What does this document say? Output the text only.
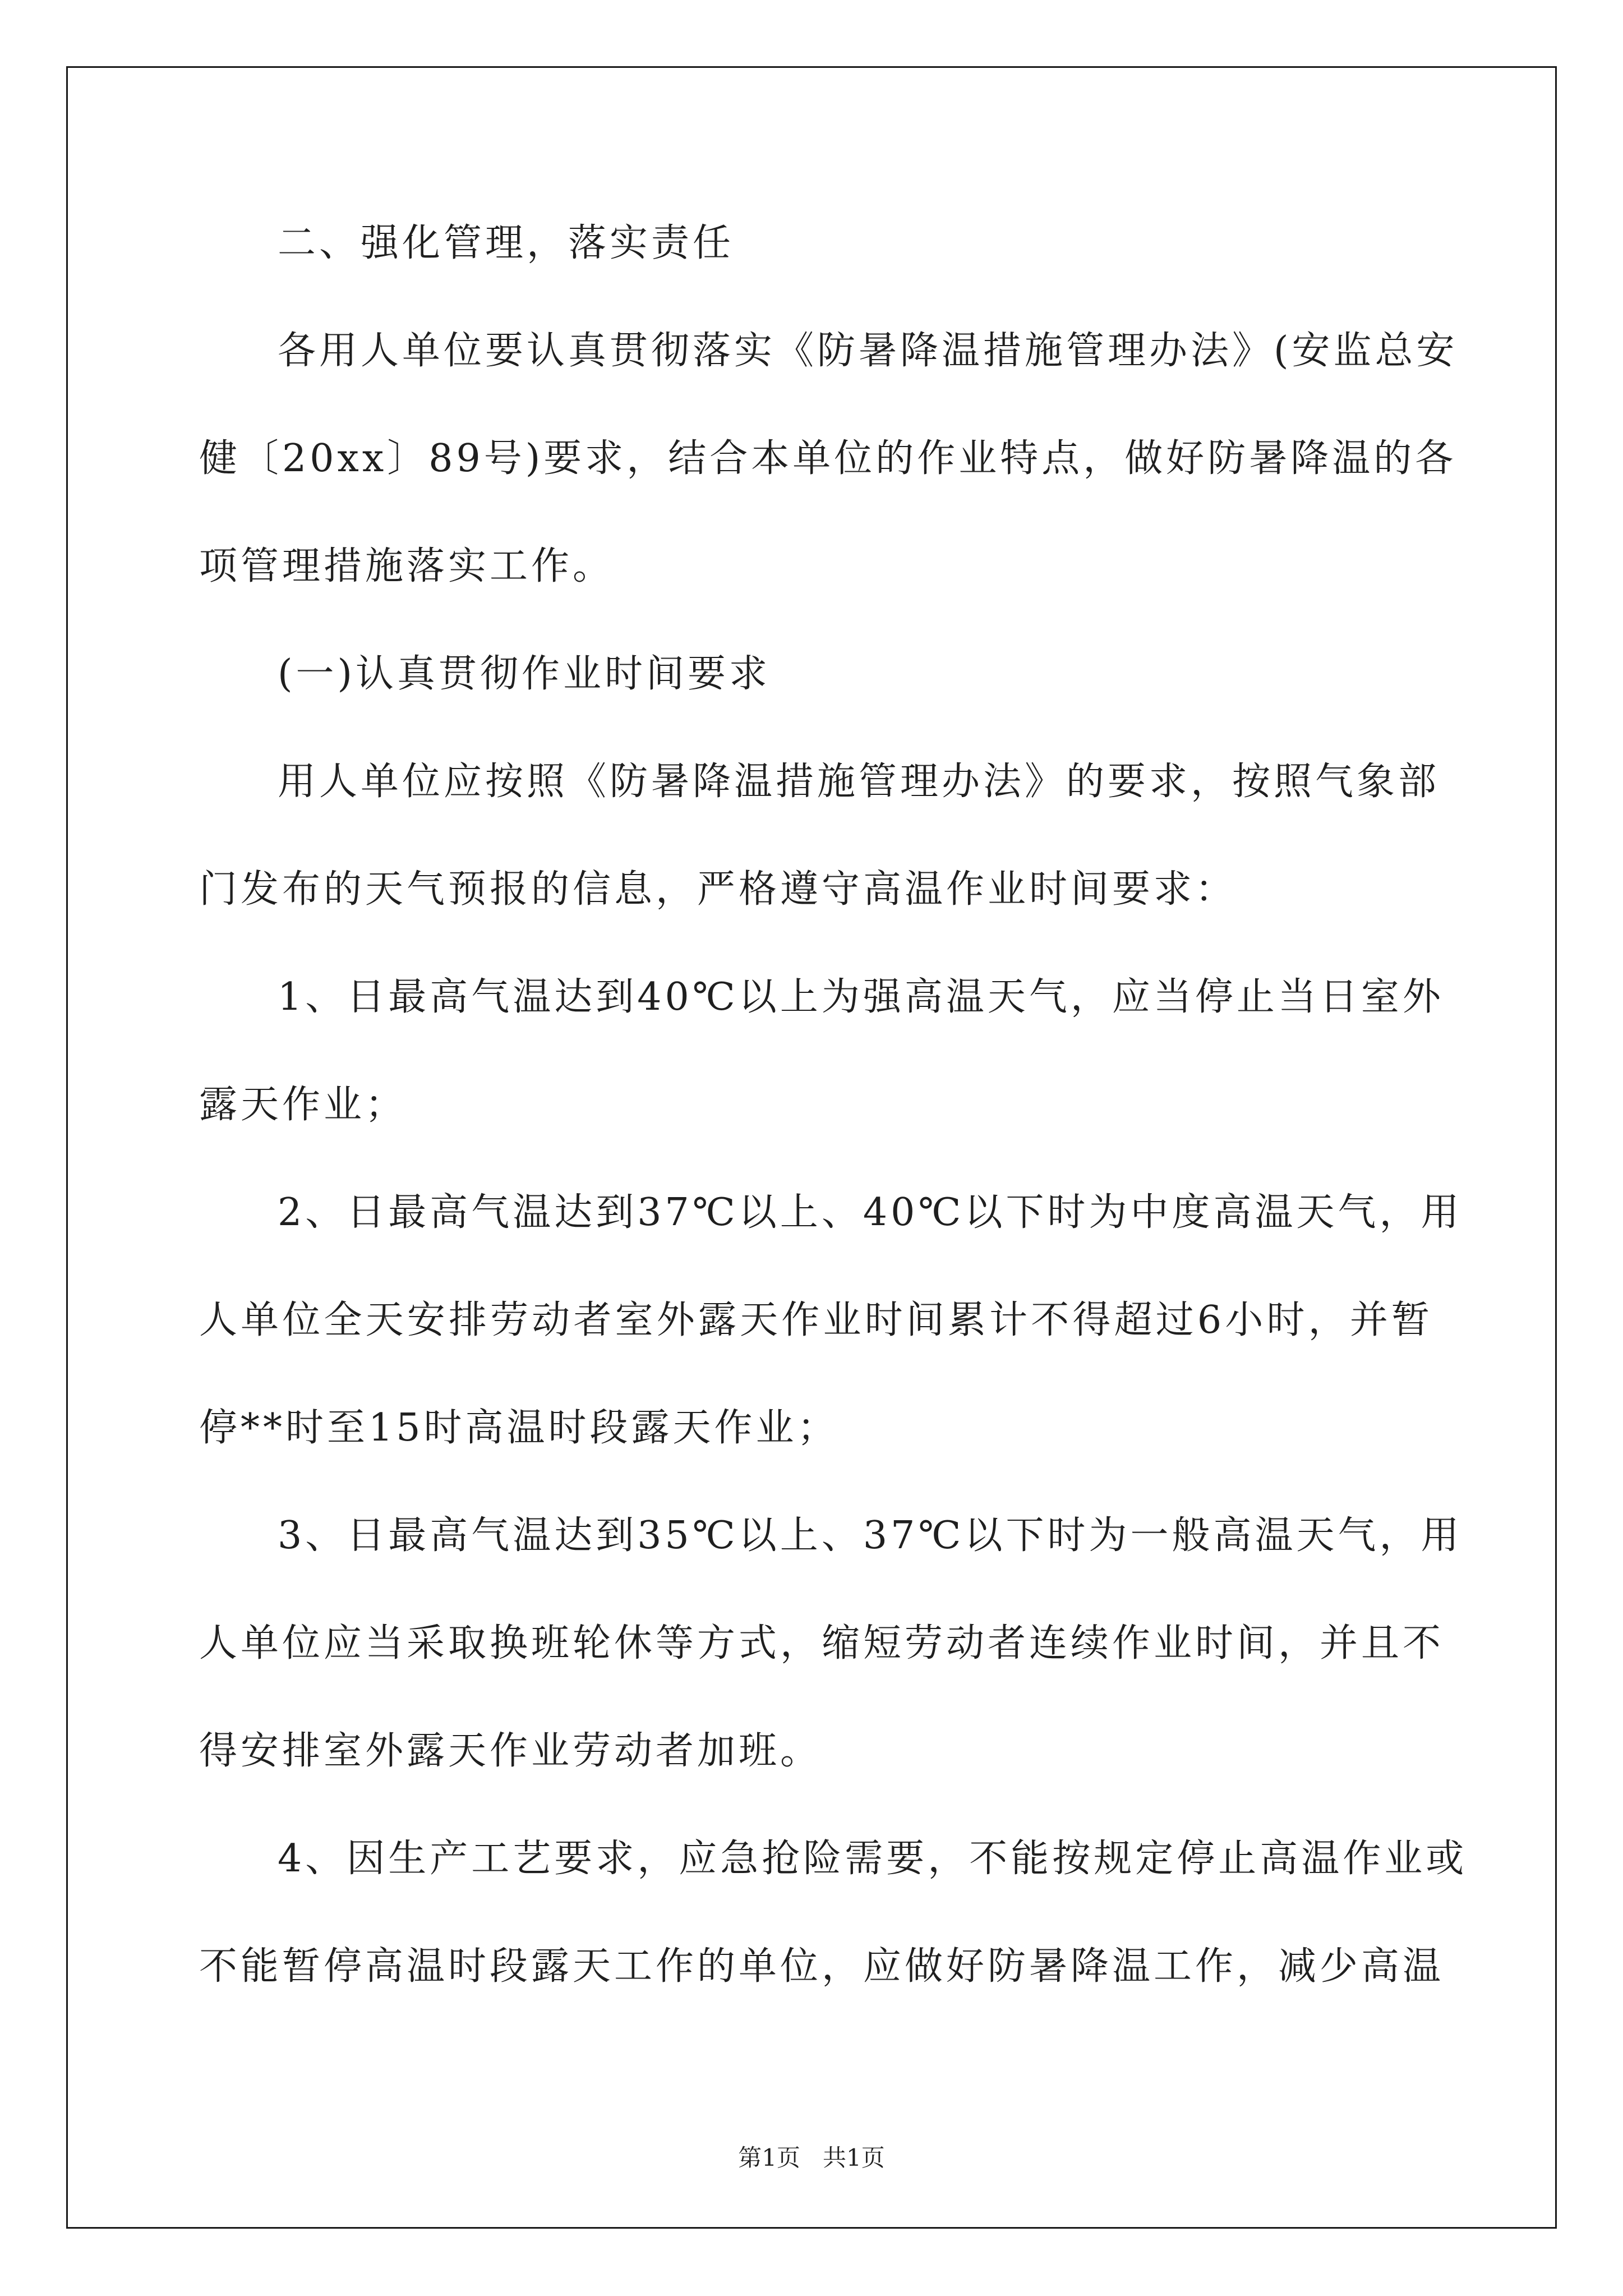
二、强化管理，落实责任
各用人单位要认真贯彻落实《防暑降温措施管理办法》(安监总安
健〔20xx〕89号)要求，结合本单位的作业特点，做好防暑降温的各
项管理措施落实工作。
(一)认真贯彻作业时间要求
用人单位应按照《防暑降温措施管理办法》的要求，按照气象部
门发布的天气预报的信息，严格遵守高温作业时间要求：
1、日最高气温达到40℃以上为强高温天气，应当停止当日室外
露天作业；
2、日最高气温达到37℃以上、40℃以下时为中度高温天气，用
人单位全天安排劳动者室外露天作业时间累计不得超过6小时，并暂
停**时至15时高温时段露天作业；
3、日最高气温达到35℃以上、37℃以下时为一般高温天气，用
人单位应当采取换班轮休等方式，缩短劳动者连续作业时间，并且不
得安排室外露天作业劳动者加班。
4、因生产工艺要求，应急抢险需要，不能按规定停止高温作业或
不能暂停高温时段露天工作的单位，应做好防暑降温工作，减少高温
第1页   共1页
